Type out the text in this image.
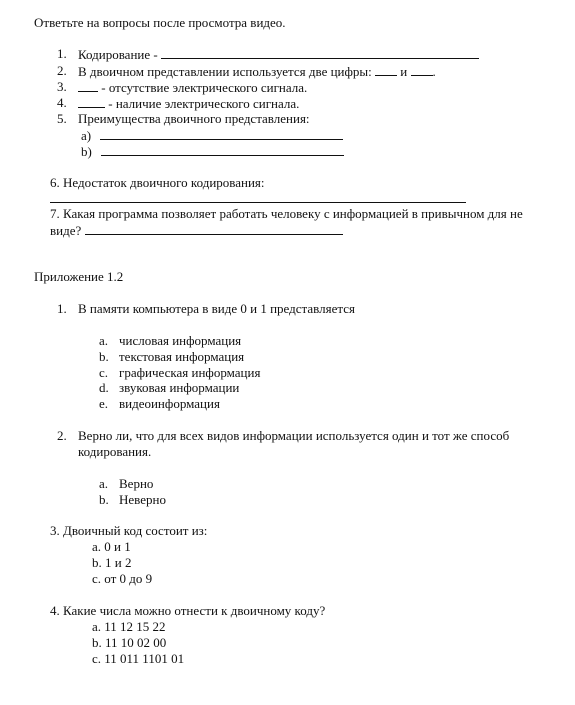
Ответьте на вопросы после просмотра видео.
1. Кодирование -
2. В двоичном представлении используется две цифры: и .
3.	- отсутствие электрического сигнала.
4.	- наличие электрического сигнала.
5. Преимущества двоичного представления:
a)
b)
6. Недостаток двоичного кодирования:
7. Какая программа позволяет работать человеку с информацией в привычном для не
виде?
Приложение 1.2
1. В памяти компьютера в виде 0 и 1 представляется
a. числовая информация
b. текстовая информация
c. графическая информация
d. звуковая информации
e. видеоинформация
2. Верно ли, что для всех видов информации используется один и тот же способ
кодирования.
a. Верно
b. Неверно
3. Двоичный код состоит из:
a. 0 и 1
b. 1 и 2
c. от 0 до 9
4. Какие числа можно отнести к двоичному коду?
a. 11 12 15 22
b. 11 10 02 00
c. 11 011 1101 01
